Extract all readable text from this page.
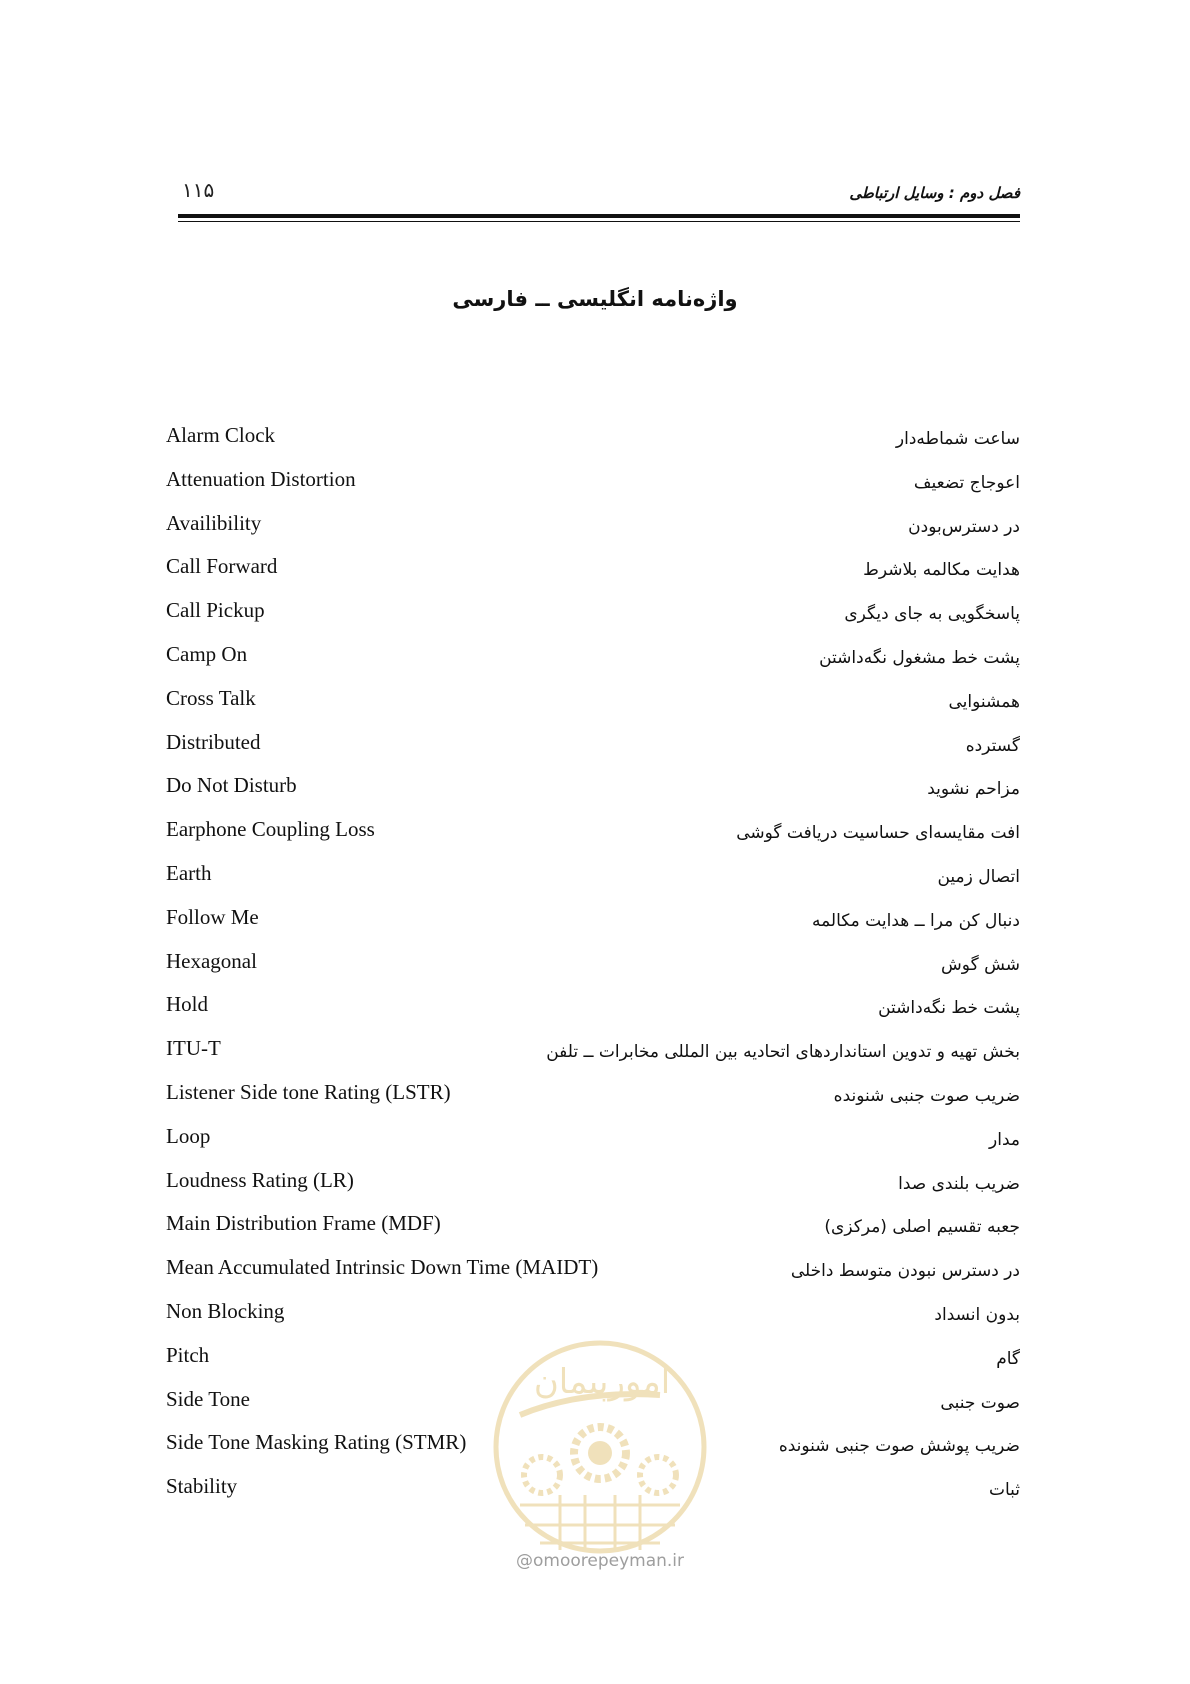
۱۱۵	فصل دوم : وسایل ارتباطی
واژه‌نامه انگلیسی ــ فارسی
Alarm Clock	ساعت شماطه‌دار
Attenuation Distortion	اعوجاج تضعیف
Availibility	در دسترس‌بودن
Call Forward	هدایت مکالمه بلاشرط
Call Pickup	پاسخگویی به جای دیگری
Camp On	پشت خط مشغول نگه‌داشتن
Cross Talk	همشنوایی
Distributed	گسترده
Do Not Disturb	مزاحم نشوید
Earphone Coupling Loss	افت مقایسه‌ای حساسیت دریافت گوشی
Earth	اتصال زمین
Follow Me	دنبال کن مرا ــ هدایت مکالمه
Hexagonal	شش گوش
Hold	پشت خط نگه‌داشتن
ITU-T	بخش تهیه و تدوین استانداردهای اتحادیه بین المللی مخابرات ــ تلفن
Listener Side tone Rating (LSTR)	ضریب صوت جنبی شنونده
Loop	مدار
Loudness Rating (LR)	ضریب بلندی صدا
Main Distribution Frame (MDF)	جعبه تقسیم اصلی (مرکزی)
Mean Accumulated Intrinsic Down Time (MAIDT)	در دسترس نبودن متوسط داخلی
Non Blocking	بدون انسداد
Pitch	گام
Side Tone	صوت جنبی
Side Tone Masking Rating (STMR)	ضریب پوشش صوت جنبی شنونده
Stability	ثبات
امورپیمان
@omoorepeyman.ir
